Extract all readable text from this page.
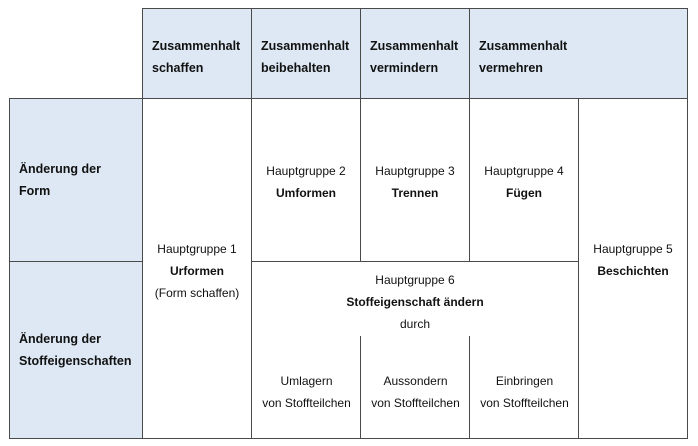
Zusammenhalt
schaffen
Zusammenhalt
beibehalten
Zusammenhalt
vermindern
Zusammenhalt
vermehren
Änderung der
Form
Änderung der
Stoffeigenschaften
Hauptgruppe 1
Urformen
(Form schaffen)
Hauptgruppe 2
Umformen
Hauptgruppe 3
Trennen
Hauptgruppe 4
Fügen
Hauptgruppe 5
Beschichten
Hauptgruppe 6
Stoffeigenschaft ändern
durch
Umlagern
von Stoffteilchen
Aussondern
von Stoffteilchen
Einbringen
von Stoffteilchen
